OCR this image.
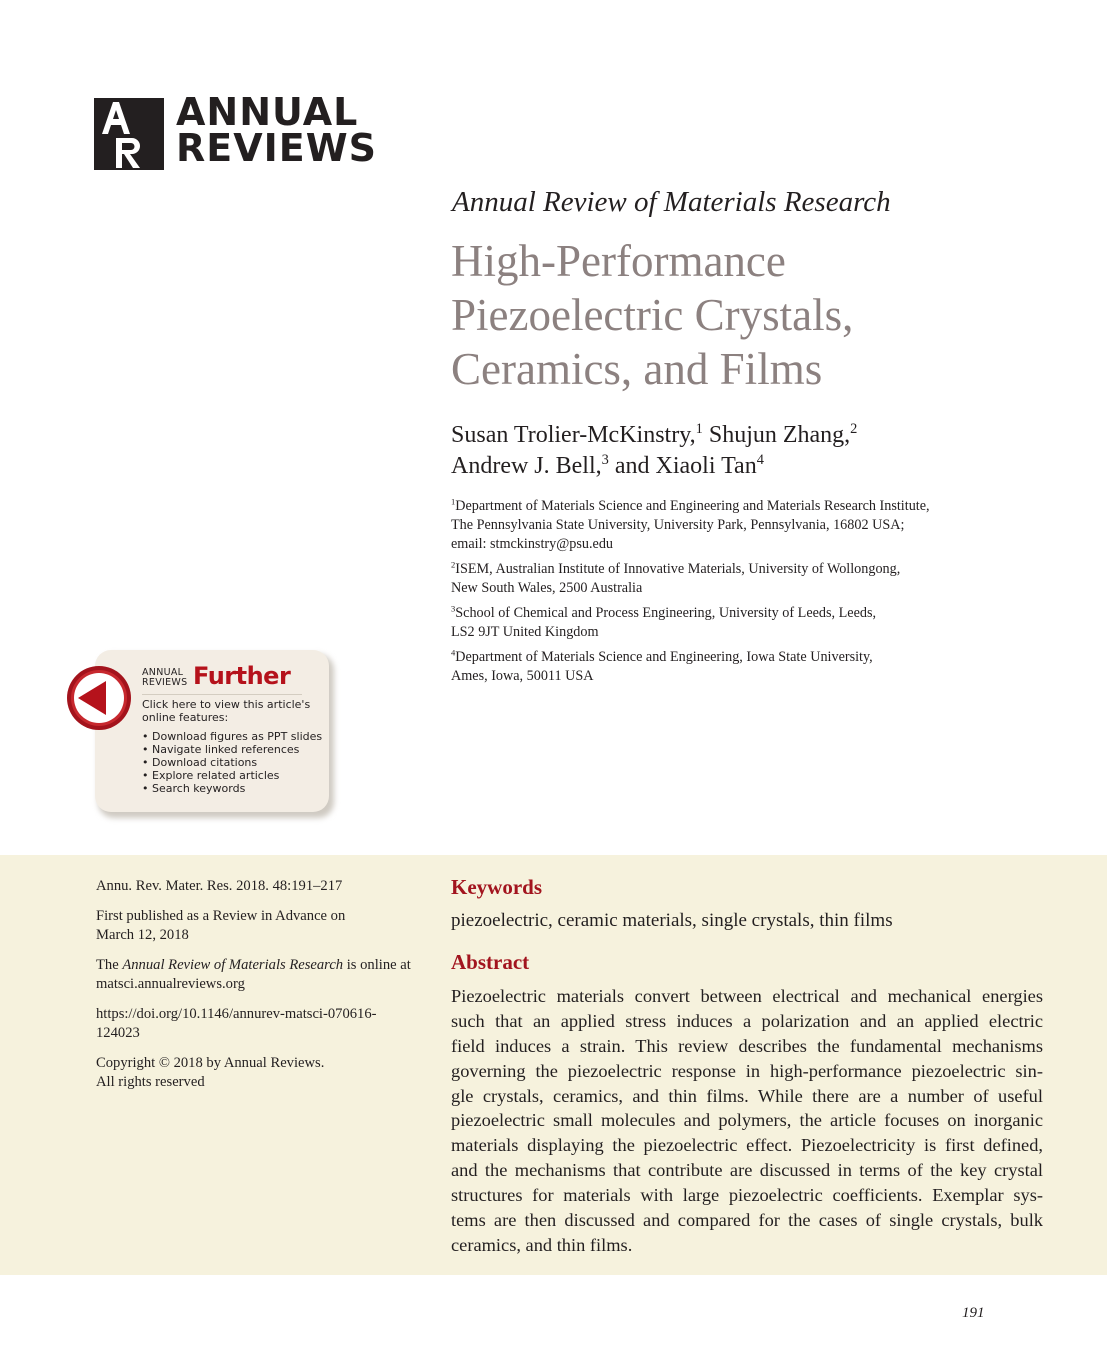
ANNUAL
REVIEWS
Annual Review of Materials Research
High-Performance
Piezoelectric Crystals,
Ceramics, and Films
Susan Trolier-McKinstry,$^1$ Shujun Zhang,$^2$
Andrew J. Bell,$^3$ and Xiaoli Tan$^4$
$^1$Department of Materials Science and Engineering and Materials Research Institute,
The Pennsylvania State University, University Park, Pennsylvania, 16802 USA;
email: stmckinstry@psu.edu
$^2$ISEM, Australian Institute of Innovative Materials, University of Wollongong,
New South Wales, 2500 Australia
$^3$School of Chemical and Process Engineering, University of Leeds, Leeds,
LS2 9JT United Kingdom
$^4$Department of Materials Science and Engineering, Iowa State University,
Ames, Iowa, 50011 USA
ANNUAL
REVIEWS Further
Click here to view this article's online features:
• Download figures as PPT slides
• Navigate linked references
• Download citations
• Explore related articles
• Search keywords

Annu. Rev. Mater. Res. 2018. 48:191–217

First published as a Review in Advance on
March 12, 2018

The Annual Review of Materials Research is online at
matsci.annualreviews.org

https://doi.org/10.1146/annurev-matsci-070616-
124023

Copyright © 2018 by Annual Reviews.
All rights reserved

Keywords
piezoelectric, ceramic materials, single crystals, thin films
Abstract
Piezoelectric materials convert between electrical and mechanical energies
such that an applied stress induces a polarization and an applied electric
field induces a strain. This review describes the fundamental mechanisms
governing the piezoelectric response in high-performance piezoelectric sin-
gle crystals, ceramics, and thin films. While there are a number of useful
piezoelectric small molecules and polymers, the article focuses on inorganic
materials displaying the piezoelectric effect. Piezoelectricity is first defined,
and the mechanisms that contribute are discussed in terms of the key crystal
structures for materials with large piezoelectric coefficients. Exemplar sys-
tems are then discussed and compared for the cases of single crystals, bulk
ceramics, and thin films.
191
